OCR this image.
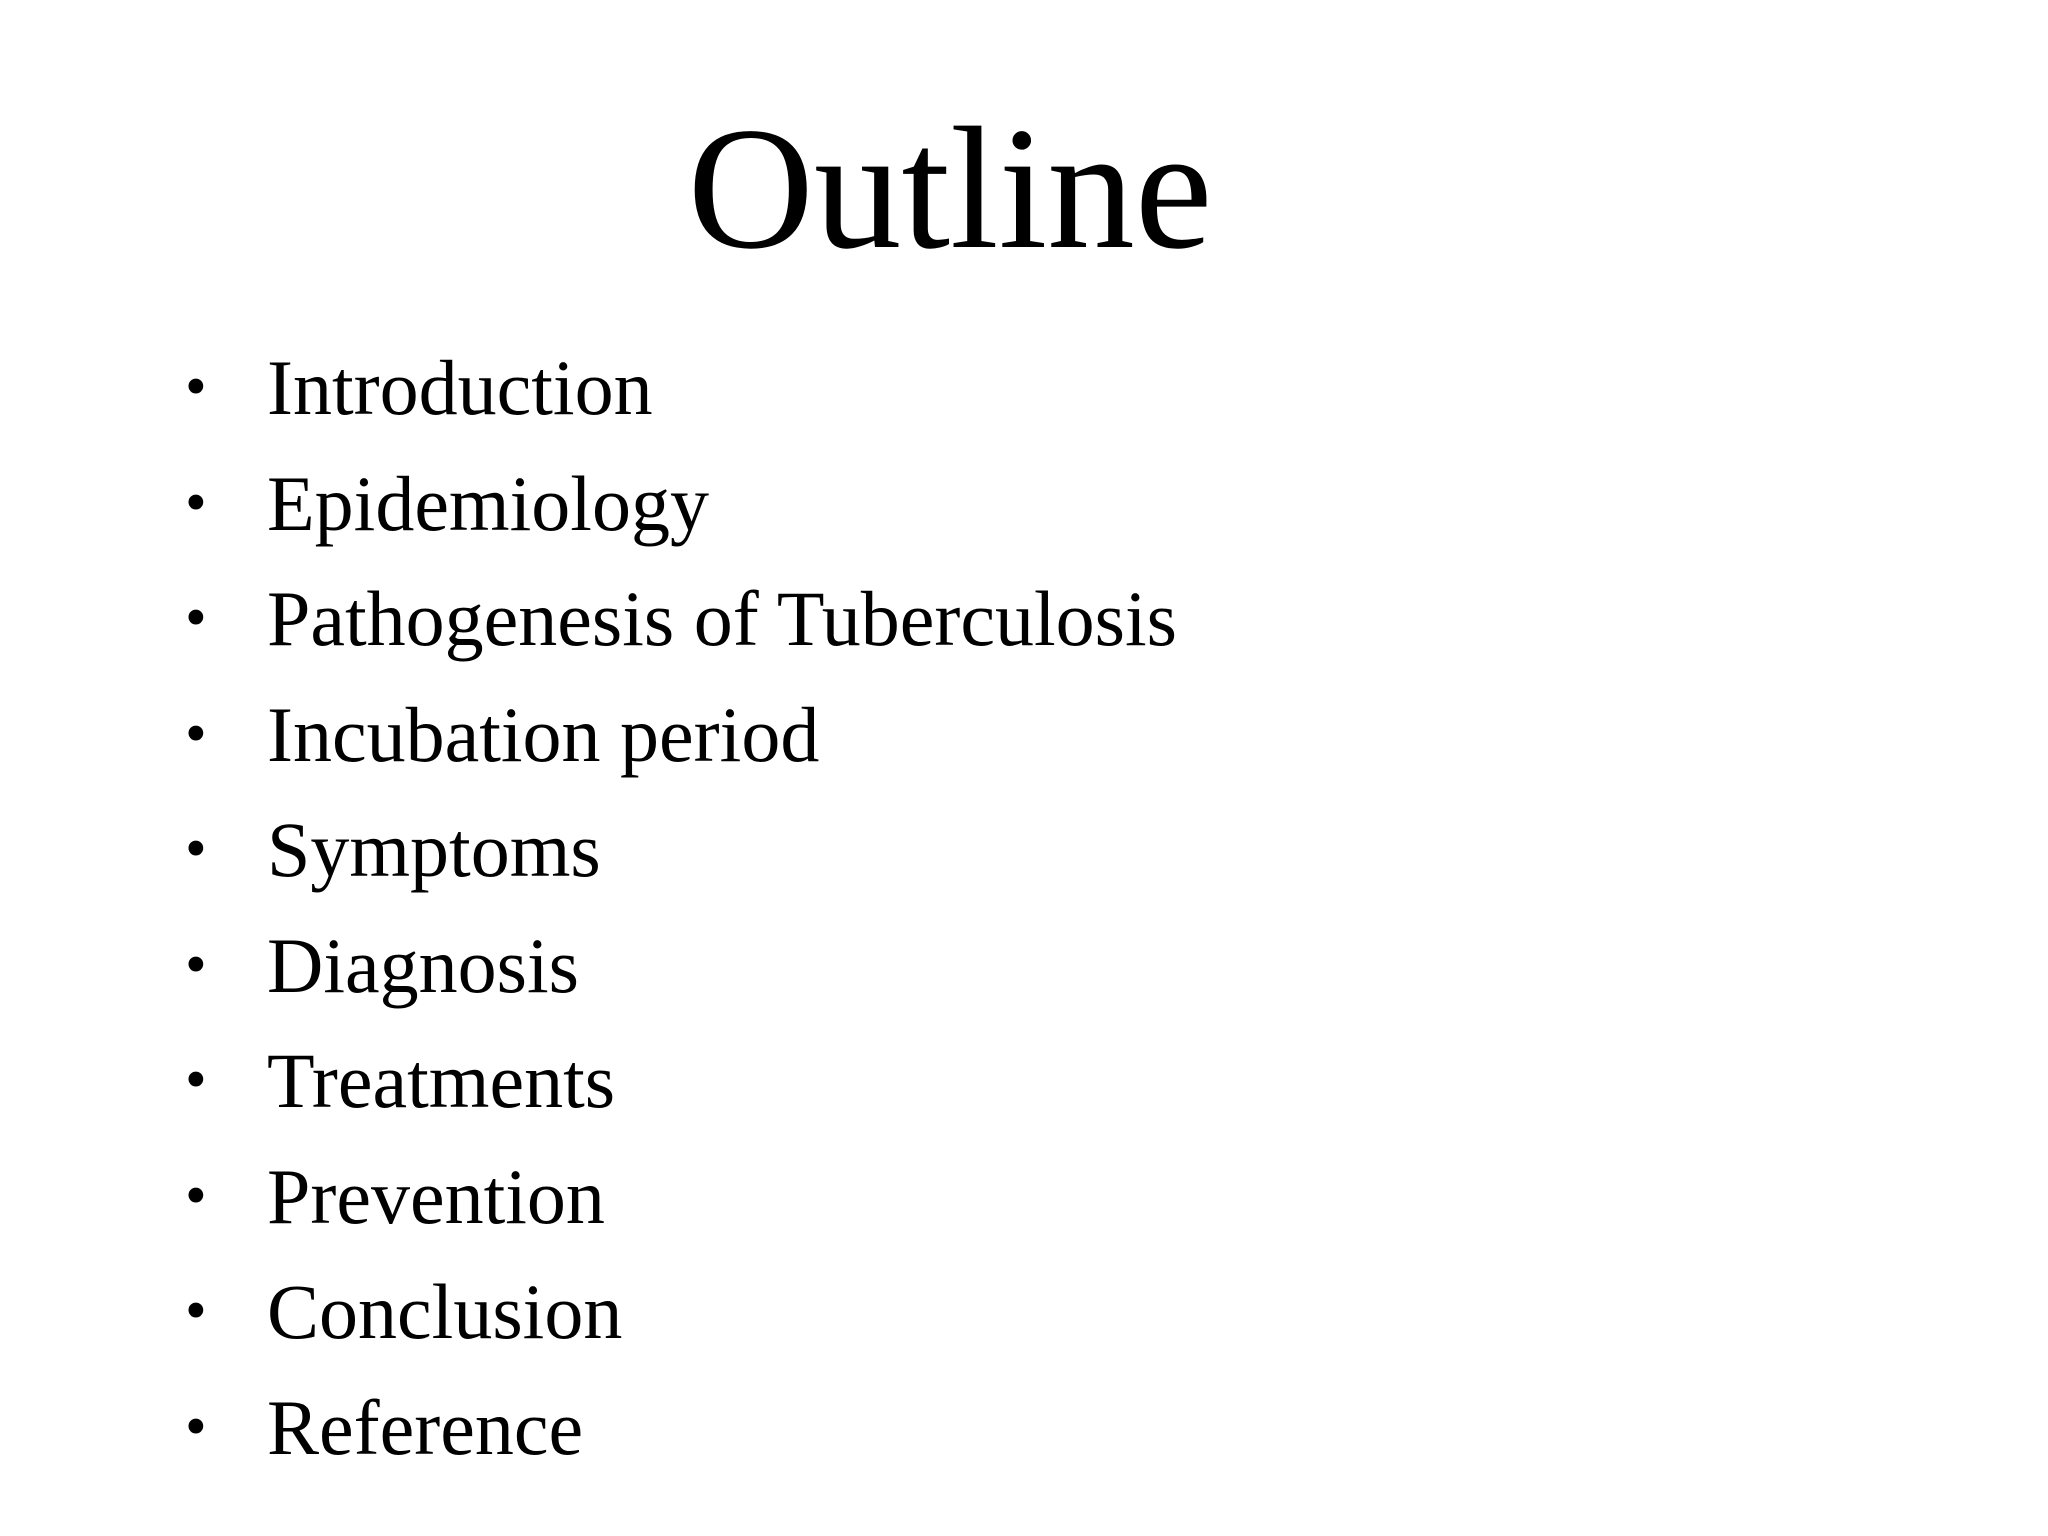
Outline
• Introduction
• Epidemiology
• Pathogenesis of Tuberculosis
• Incubation period
• Symptoms
• Diagnosis
• Treatments
• Prevention
• Conclusion
• Reference
